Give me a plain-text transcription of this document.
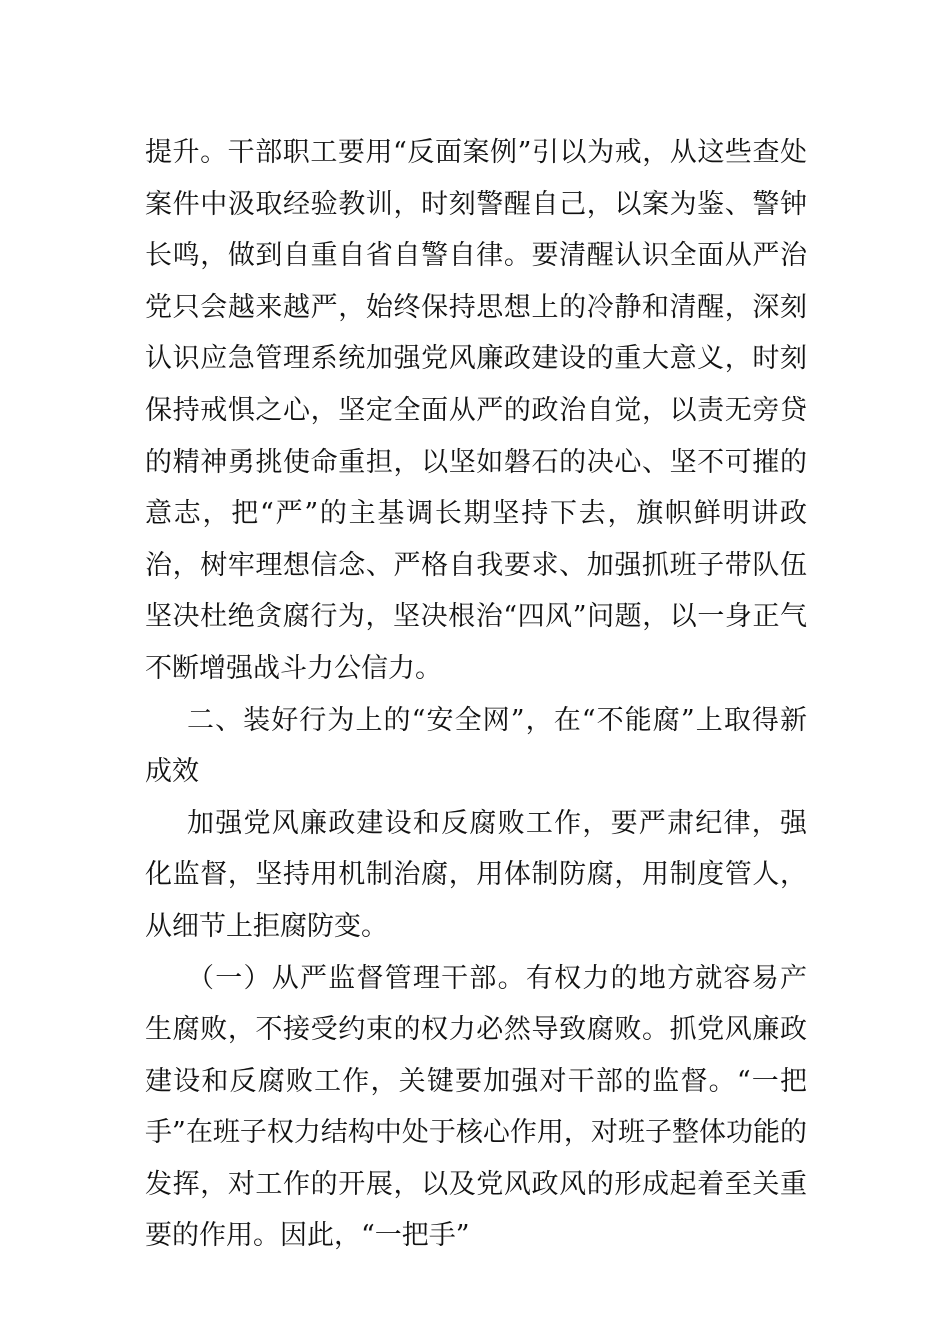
提升。干部职工要用“反面案例”引以为戒，从这些查处案件中汲取经验教训，时刻警醒自己，以案为鉴、警钟长鸣，做到自重自省自警自律。要清醒认识全面从严治党只会越来越严，始终保持思想上的冷静和清醒，深刻认识应急管理系统加强党风廉政建设的重大意义，时刻保持戒惧之心，坚定全面从严的政治自觉，以责无旁贷的精神勇挑使命重担，以坚如磐石的决心、坚不可摧的意志，把“严”的主基调长期坚持下去，旗帜鲜明讲政治，树牢理想信念、严格自我要求、加强抓班子带队伍坚决杜绝贪腐行为，坚决根治“四风”问题，以一身正气不断增强战斗力公信力。

二、装好行为上的“安全网”，在“不能腐”上取得新成效

加强党风廉政建设和反腐败工作，要严肃纪律，强化监督，坚持用机制治腐，用体制防腐，用制度管人，从细节上拒腐防变。

（一）从严监督管理干部。有权力的地方就容易产生腐败，不接受约束的权力必然导致腐败。抓党风廉政建设和反腐败工作，关键要加强对干部的监督。“一把手”在班子权力结构中处于核心作用，对班子整体功能的发挥，对工作的开展，以及党风政风的形成起着至关重要的作用。因此，“一把手”
